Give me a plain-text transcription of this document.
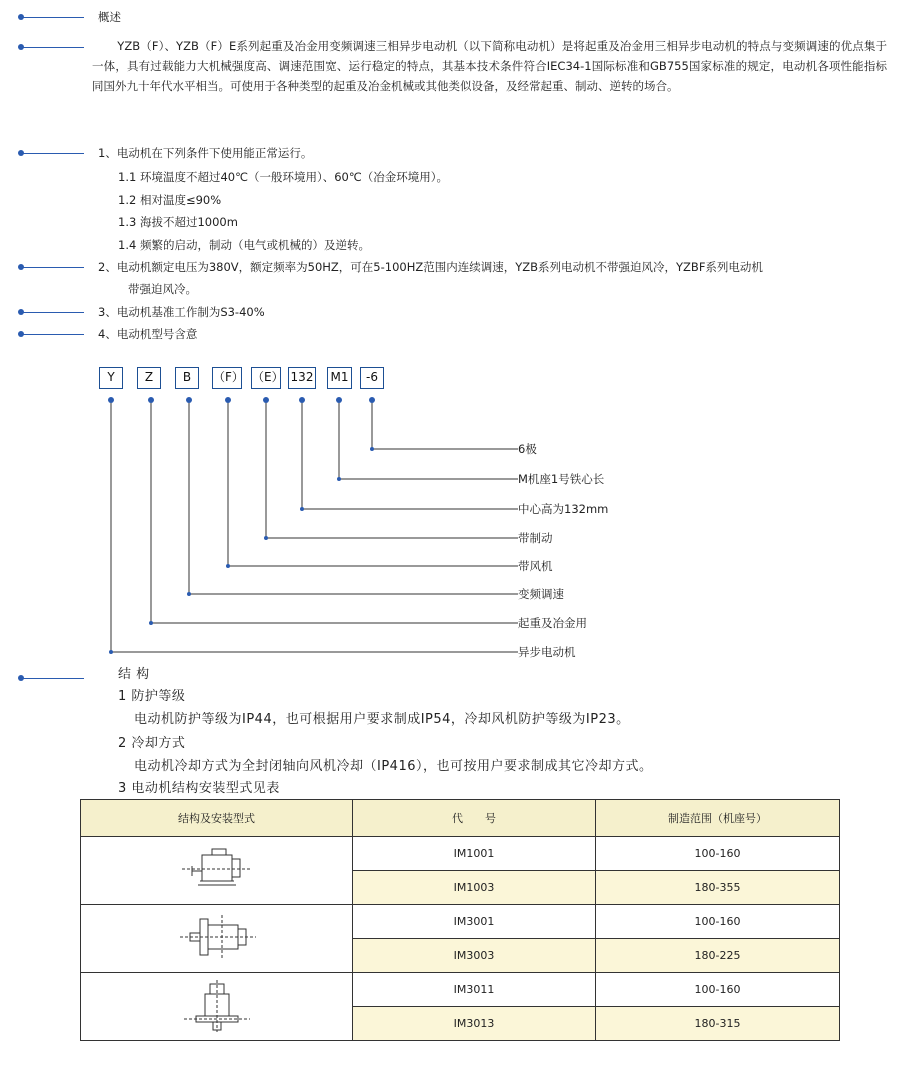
概述
YZB（F）、YZB（F）E系列起重及冶金用变频调速三相异步电动机（以下简称电动机）是将起重及冶金用三相异步电动机的特点与变频调速的优点集于一体，具有过载能力大机械强度高、调速范围宽、运行稳定的特点，其基本技术条件符合IEC34-1国际标准和GB755国家标准的规定，电动机各项性能指标同国外九十年代水平相当。可使用于各种类型的起重及冶金机械或其他类似设备，及经常起重、制动、逆转的场合。
1、电动机在下列条件下使用能正常运行。
1.1 环境温度不超过40℃（一般环境用）、60℃（冶金环境用）。
1.2 相对温度≤90%
1.3 海拔不超过1000m
1.4 频繁的启动，制动（电气或机械的）及逆转。
2、电动机额定电压为380V，额定频率为50HZ，可在5-100HZ范围内连续调速，YZB系列电动机不带强迫风冷，YZBF系列电动机
带强迫风冷。
3、电动机基准工作制为S3-40%
4、电动机型号含意
Y	Z	B	（F） （E） 132 M1	-6
6极
M机座1号铁心长
中心高为132mm
带制动
带风机
变频调速
起重及冶金用
异步电动机
结 构
1 防护等级
电动机防护等级为IP44，也可根据用户要求制成IP54，冷却风机防护等级为IP23。
2 冷却方式
电动机冷却方式为全封闭轴向风机冷却（IP416），也可按用户要求制成其它冷却方式。
3 电动机结构安装型式见表
结构及安装型式	代　　号	制造范围（机座号）
	IM1001	100-160
	IM1003	180-355
	IM3001	100-160
	IM3003	180-225
	IM3011	100-160
	IM3013	180-315
